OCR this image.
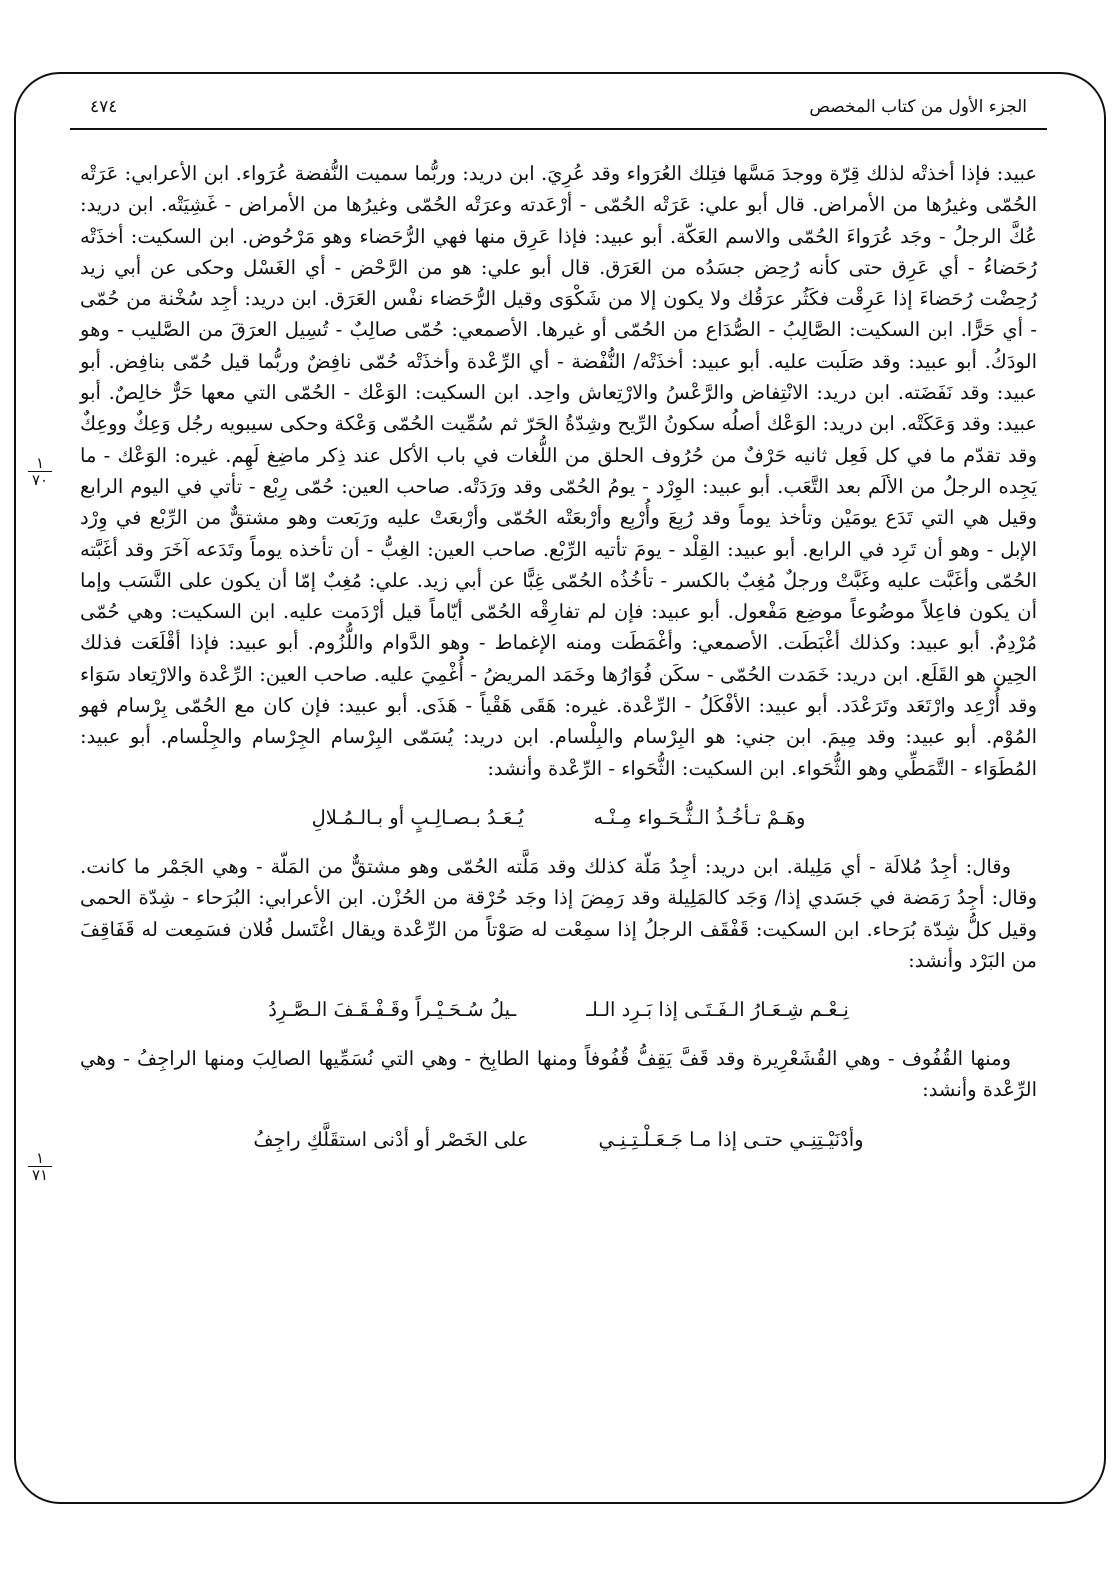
الجزء الأول من كتاب المخصص
٤٧٤
١
٧٠
١
٧١

عبيد: فإذا أخذتْه لذلك قِرّة ووجدَ مَسَّها فتِلك العُرَواء وقد عُرِيَ. ابن دريد: وربُّما سميت النُّفضة عُرَواء. ابن الأعرابي: عَرَتْه الحُمّى وغيرُها من الأمراض. قال أبو علي: عَرَتْه الحُمّى - أرْعَدته وعرَتْه الحُمّى وغيرُها من الأمراض - غَشِيَتْه. ابن دريد: عُكَّ الرجلُ - وجَد عُرَواءَ الحُمّى والاسم العَكّة. أبو عبيد: فإذا عَرِق منها فهي الرُّحَضاء وهو مَرْحُوض. ابن السكيت: أخذَتْه رُحَضاءُ - أي عَرِق حتى كأنه رُحِض جسَدُه من العَرَق. قال أبو علي: هو من الرَّحْض - أي الغَسْل وحكى عن أبي زيد رُحِضْت رُحَضاءَ إذا عَرِقْت فكَثُر عرَقُك ولا يكون إلا من شَكْوَى وقيل الرُّحَضاء نفْس العَرَق. ابن دريد: أجِد سُخْنة من حُمّى - أي حَرًّا. ابن السكيت: الصَّالِبُ - الصُّدَاع من الحُمّى أو غيرها. الأصمعي: حُمّى صالِبٌ - تُسِيل العرَقَ من الصَّليب - وهو الودَكُ. أبو عبيد: وقد صَلَبت عليه. أبو عبيد: أخذَتْه/ النُّفْضة - أي الرِّعْدة وأخذَتْه حُمّى نافِضٌ وربُّما قيل حُمّى بنافِض. أبو عبيد: وقد نَفَضَته. ابن دريد: الانْتِفاض والرَّعْسُ والارْتِعاش واحِد. ابن السكيت: الوَعْك - الحُمّى التي معها حَرٌّ خالِصٌ. أبو عبيد: وقد وَعَكَتْه. ابن دريد: الوَعْك أصلُه سكونُ الرِّيح وشِدّةُ الحَرّ ثم سُمِّيت الحُمّى وَعْكة وحكى سيبويه رجُل وَعِكٌ ووعِكٌ وقد تقدّم ما في كل فَعِل ثانيه حَرْفٌ من حُرُوف الحلق من اللُّغات في باب الأكل عند ذِكر ماضِغ لَهِم. غيره: الوَعْك - ما يَجِده الرجلُ من الألَم بعد التَّعَب. أبو عبيد: الوِرْد - يومُ الحُمّى وقد ورَدَتْه. صاحب العين: حُمّى رِبْع - تأتي في اليوم الرابع وقيل هي التي تَدَع يومَيْن وتأخذ يوماً وقد رُبِعَ وأُرْبِع وأرْبعَتْه الحُمّى وأرْبعَتْ عليه ورَبَعت وهو مشتقٌّ من الرِّبْع في وِرْد الإبل - وهو أن تَرِد في الرابع. أبو عبيد: القِلْد - يومَ تأتيه الرِّبْع. صاحب العين: الغِبُّ - أن تأخذه يوماً وتَدَعه آخَرَ وقد أغَبَّته الحُمّى وأغَبَّت عليه وغَبَّتْ ورجلٌ مُغِبٌ بالكسر - تأخُذُه الحُمّى غِبًّا عن أبي زيد. علي: مُغِبٌ إمّا أن يكون على النَّسَب وإما أن يكون فاعِلاً موضُوعاً موضِع مَفْعول. أبو عبيد: فإن لم تفارِقْه الحُمّى أيّاماً قيل أرْدَمت عليه. ابن السكيت: وهي حُمّى مُرْدِمٌ. أبو عبيد: وكذلك أغْبَطَت. الأصمعي: وأغْمَطَت ومنه الإغماط - وهو الدَّوام واللُّزُوم. أبو عبيد: فإذا أقْلَعَت فذلك الحِين هو القَلَع. ابن دريد: خَمَدت الحُمّى - سكَن فُوَارُها وخَمَد المريضُ - أُغْمِيَ عليه. صاحب العين: الرِّعْدة والارْتِعاد سَوَاء وقد أُرْعِد وارْتَعَد وتَرَعْدَد. أبو عبيد: الأفْكَلُ - الرِّعْدة. غيره: هَقَى هَقْياً - هَذَى. أبو عبيد: فإن كان مع الحُمّى بِرْسام فهو المُوْم. أبو عبيد: وقد مِيمَ. ابن جني: هو البِرْسام والبِلْسام. ابن دريد: يُسَمّى البِرْسام الجِرْسام والجِلْسام. أبو عبيد: المُطَوَاء - التَّمَطِّي وهو الثُّحَواء. ابن السكيت: الثُّحَواء - الرِّعْدة وأنشد:

وهَـمْ تـأخُـذُ الـثُّـحَـواء مِـنْـه
يُـعَـدُ بـصـالِـبٍ أو بـالـمُـلالِ

وقال: أجِدُ مُلالَة - أي مَلِيلة. ابن دريد: أجِدُ مَلّة كذلك وقد مَلَّته الحُمّى وهو مشتقٌّ من المَلّة - وهي الجَمْر ما كانت. وقال: أجِدُ رَمَضة في جَسَدي إذا/ وَجَد كالمَلِيلة وقد رَمِضَ إذا وجَد حُرْقة من الحُزْن. ابن الأعرابي: البُرَحاء - شِدّة الحمى وقيل كلُّ شِدّة بُرَحاء. ابن السكيت: قَفْقَف الرجلُ إذا سمِعْت له صَوْتاً من الرِّعْدة ويقال اغْتَسل فُلان فسَمِعت له قَفَاقِفَ من البَرْد وأنشد:

نِـعْـم شِـعَـارُ الـفَـتَـى إذا بَـرِد الـلـ
ـيلُ سُـحَـيْـراً وقَـفْـقَـفَ الـصَّـرِدُ

ومنها القُفُوف - وهي القُشَعْرِيرة وقد قَفَّ يَقِفُّ قُفُوفاً ومنها الطابِخ - وهي التي نُسَمِّيها الصالِبَ ومنها الراجِفُ - وهي الرِّعْدة وأنشد:

وأدْنَيْـتِنِـي حتـى إذا مـا جَـعَـلْـتِـنِـي
على الخَصْر أو أدْنى استقَلَّكِ راجِفُ
